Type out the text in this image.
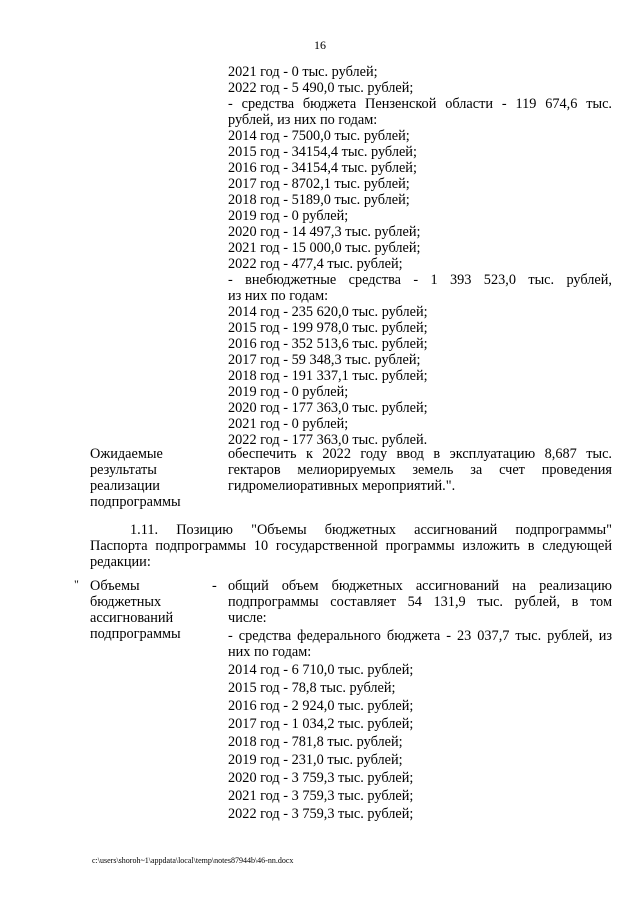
16
2021 год - 0 тыс. рублей;
2022 год - 5 490,0 тыс. рублей;
- средства бюджета Пензенской области - 119 674,6 тыс.
рублей, из них по годам:
2014 год - 7500,0 тыс. рублей;
2015 год - 34154,4 тыс. рублей;
2016 год - 34154,4 тыс. рублей;
2017 год - 8702,1 тыс. рублей;
2018 год - 5189,0 тыс. рублей;
2019 год - 0 рублей;
2020 год - 14 497,3 тыс. рублей;
2021 год - 15 000,0 тыс. рублей;
2022 год - 477,4 тыс. рублей;
- внебюджетные средства - 1 393 523,0 тыс. рублей,
из них по годам:
2014 год - 235 620,0 тыс. рублей;
2015 год - 199 978,0 тыс. рублей;
2016 год - 352 513,6 тыс. рублей;
2017 год - 59 348,3 тыс. рублей;
2018 год - 191 337,1 тыс. рублей;
2019 год - 0 рублей;
2020 год - 177 363,0 тыс. рублей;
2021 год - 0 рублей;
2022 год - 177 363,0 тыс. рублей.
Ожидаемые
результаты
реализации
подпрограммы
обеспечить к 2022 году ввод в эксплуатацию 8,687 тыс.
гектаров мелиорируемых земель за счет проведения
гидромелиоративных мероприятий.".
1.11. Позицию "Объемы бюджетных ассигнований подпрограммы"
Паспорта подпрограммы 10 государственной программы изложить в следующей
редакции:
" Объемы
бюджетных
ассигнований
подпрограммы
- общий объем бюджетных ассигнований на реализацию
подпрограммы составляет 54 131,9 тыс. рублей, в том
числе:
- средства федерального бюджета - 23 037,7 тыс. рублей, из
них по годам:
2014 год - 6 710,0 тыс. рублей;
2015 год - 78,8 тыс. рублей;
2016 год - 2 924,0 тыс. рублей;
2017 год - 1 034,2 тыс. рублей;
2018 год - 781,8 тыс. рублей;
2019 год - 231,0 тыс. рублей;
2020 год - 3 759,3 тыс. рублей;
2021 год - 3 759,3 тыс. рублей;
2022 год - 3 759,3 тыс. рублей;
c:\users\shoroh~1\appdata\local\temp\notes87944b\46-nn.docx
